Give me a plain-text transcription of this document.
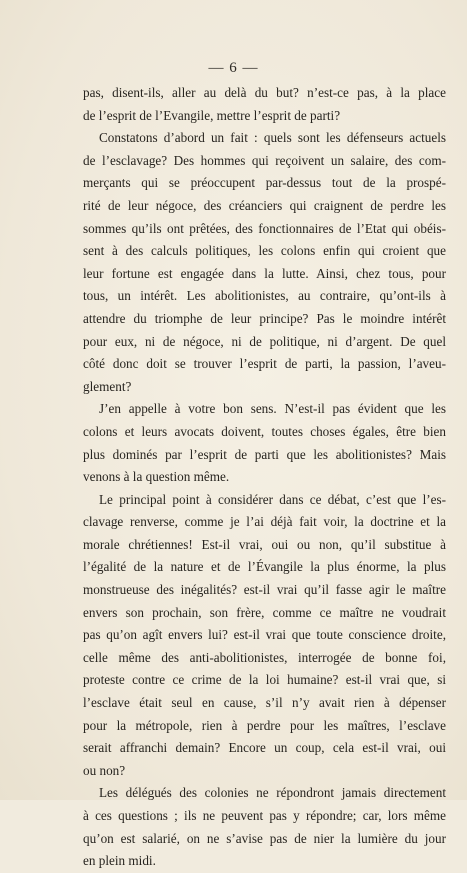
— 6 —
pas, disent-ils, aller au delà du but? n’est-ce pas, à la place
de l’esprit de l’Evangile, mettre l’esprit de parti?
Constatons d’abord un fait : quels sont les défenseurs actuels
de l’esclavage? Des hommes qui reçoivent un salaire, des com-
merçants qui se préoccupent par-dessus tout de la prospé-
rité de leur négoce, des créanciers qui craignent de perdre les
sommes qu’ils ont prêtées, des fonctionnaires de l’Etat qui obéis-
sent à des calculs politiques, les colons enfin qui croient que
leur fortune est engagée dans la lutte. Ainsi, chez tous, pour
tous, un intérêt. Les abolitionistes, au contraire, qu’ont-ils à
attendre du triomphe de leur principe? Pas le moindre intérêt
pour eux, ni de négoce, ni de politique, ni d’argent. De quel
côté donc doit se trouver l’esprit de parti, la passion, l’aveu-
glement?
J’en appelle à votre bon sens. N’est-il pas évident que les
colons et leurs avocats doivent, toutes choses égales, être bien
plus dominés par l’esprit de parti que les abolitionistes? Mais
venons à la question même.
Le principal point à considérer dans ce débat, c’est que l’es-
clavage renverse, comme je l’ai déjà fait voir, la doctrine et la
morale chrétiennes! Est-il vrai, oui ou non, qu’il substitue à
l’égalité de la nature et de l’Évangile la plus énorme, la plus
monstrueuse des inégalités? est-il vrai qu’il fasse agir le maître
envers son prochain, son frère, comme ce maître ne voudrait
pas qu’on agît envers lui? est-il vrai que toute conscience droite,
celle même des anti-abolitionistes, interrogée de bonne foi,
proteste contre ce crime de la loi humaine? est-il vrai que, si
l’esclave était seul en cause, s’il n’y avait rien à dépenser
pour la métropole, rien à perdre pour les maîtres, l’esclave
serait affranchi demain? Encore un coup, cela est-il vrai, oui
ou non?
Les délégués des colonies ne répondront jamais directement
à ces questions ; ils ne peuvent pas y répondre; car, lors même
qu’on est salarié, on ne s’avise pas de nier la lumière du jour
en plein midi.
